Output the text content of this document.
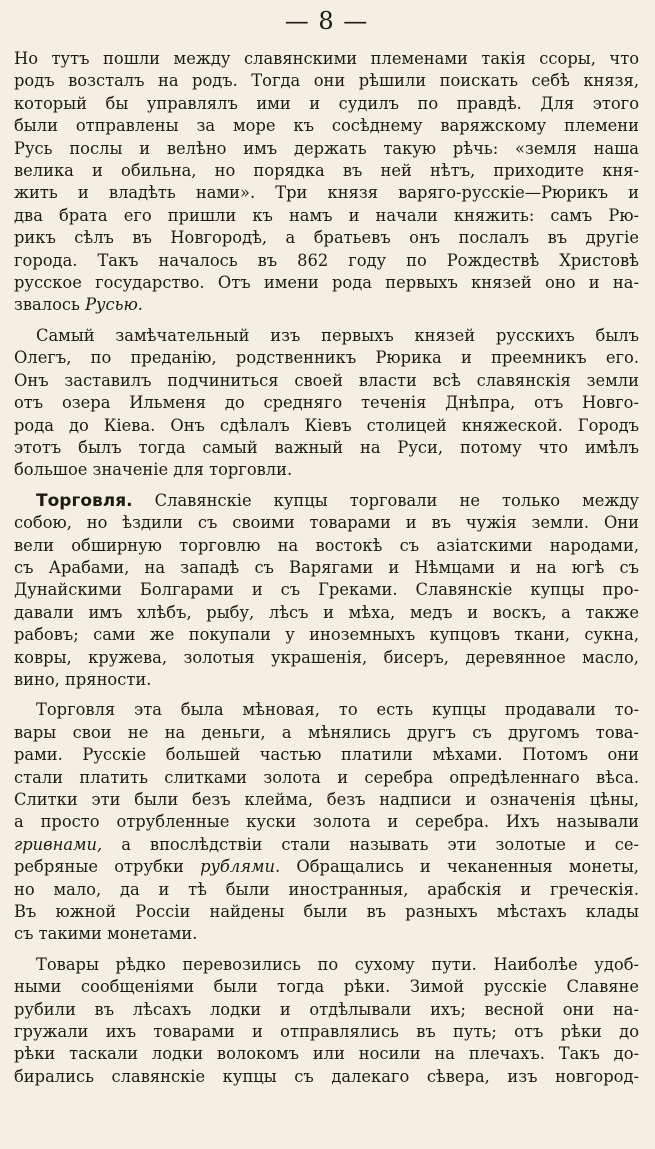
— 8 —
Но тутъ пошли между славянскими племенами такія ссоры, что
родъ возсталъ на родъ. Тогда они рѣшили поискать себѣ князя,
который бы управлялъ ими и судилъ по правдѣ. Для этого
были отправлены за море къ сосѣднему варяжскому племени
Русь послы и велѣно имъ держать такую рѣчь: «земля наша
велика и обильна, но порядка въ ней нѣтъ, приходите кня-
жить и владѣть нами». Три князя варяго-русскіе—Рюрикъ и
два брата его пришли къ намъ и начали княжить: самъ Рю-
рикъ сѣлъ въ Новгородѣ, а братьевъ онъ послалъ въ другіе
города. Такъ началось въ 862 году по Рождествѣ Христовѣ
русское государство. Отъ имени рода первыхъ князей оно и на-
звалось Русью.
Самый замѣчательный изъ первыхъ князей русскихъ былъ
Олегъ, по преданію, родственникъ Рюрика и преемникъ его.
Онъ заставилъ подчиниться своей власти всѣ славянскія земли
отъ озера Ильменя до средняго теченія Днѣпра, отъ Новго-
рода до Кіева. Онъ сдѣлалъ Кіевъ столицей княжеской. Городъ
этотъ былъ тогда самый важный на Руси, потому что имѣлъ
большое значеніе для торговли.
Торговля. Славянскіе купцы торговали не только между
собою, но ѣздили съ своими товарами и въ чужія земли. Они
вели обширную торговлю на востокѣ съ азіатскими народами,
съ Арабами, на западѣ съ Варягами и Нѣмцами и на югѣ съ
Дунайскими Болгарами и съ Греками. Славянскіе купцы про-
давали имъ хлѣбъ, рыбу, лѣсъ и мѣха, медъ и воскъ, а также
рабовъ; сами же покупали у иноземныхъ купцовъ ткани, сукна,
ковры, кружева, золотыя украшенія, бисеръ, деревянное масло,
вино, пряности.
Торговля эта была мѣновая, то есть купцы продавали то-
вары свои не на деньги, а мѣнялись другъ съ другомъ това-
рами. Русскіе большей частью платили мѣхами. Потомъ они
стали платить слитками золота и серебра опредѣленнаго вѣса.
Слитки эти были безъ клейма, безъ надписи и означенія цѣны,
а просто отрубленные куски золота и серебра. Ихъ называли
гривнами, а впослѣдствіи стали называть эти золотые и се-
ребряные отрубки рублями. Обращались и чеканенныя монеты,
но мало, да и тѣ были иностранныя, арабскія и греческія.
Въ южной Россіи найдены были въ разныхъ мѣстахъ клады
съ такими монетами.
Товары рѣдко перевозились по сухому пути. Наиболѣе удоб-
ными сообщеніями были тогда рѣки. Зимой русскіе Славяне
рубили въ лѣсахъ лодки и отдѣлывали ихъ; весной они на-
гружали ихъ товарами и отправлялись въ путь; отъ рѣки до
рѣки таскали лодки волокомъ или носили на плечахъ. Такъ до-
бирались славянскіе купцы съ далекаго сѣвера, изъ новгород-
